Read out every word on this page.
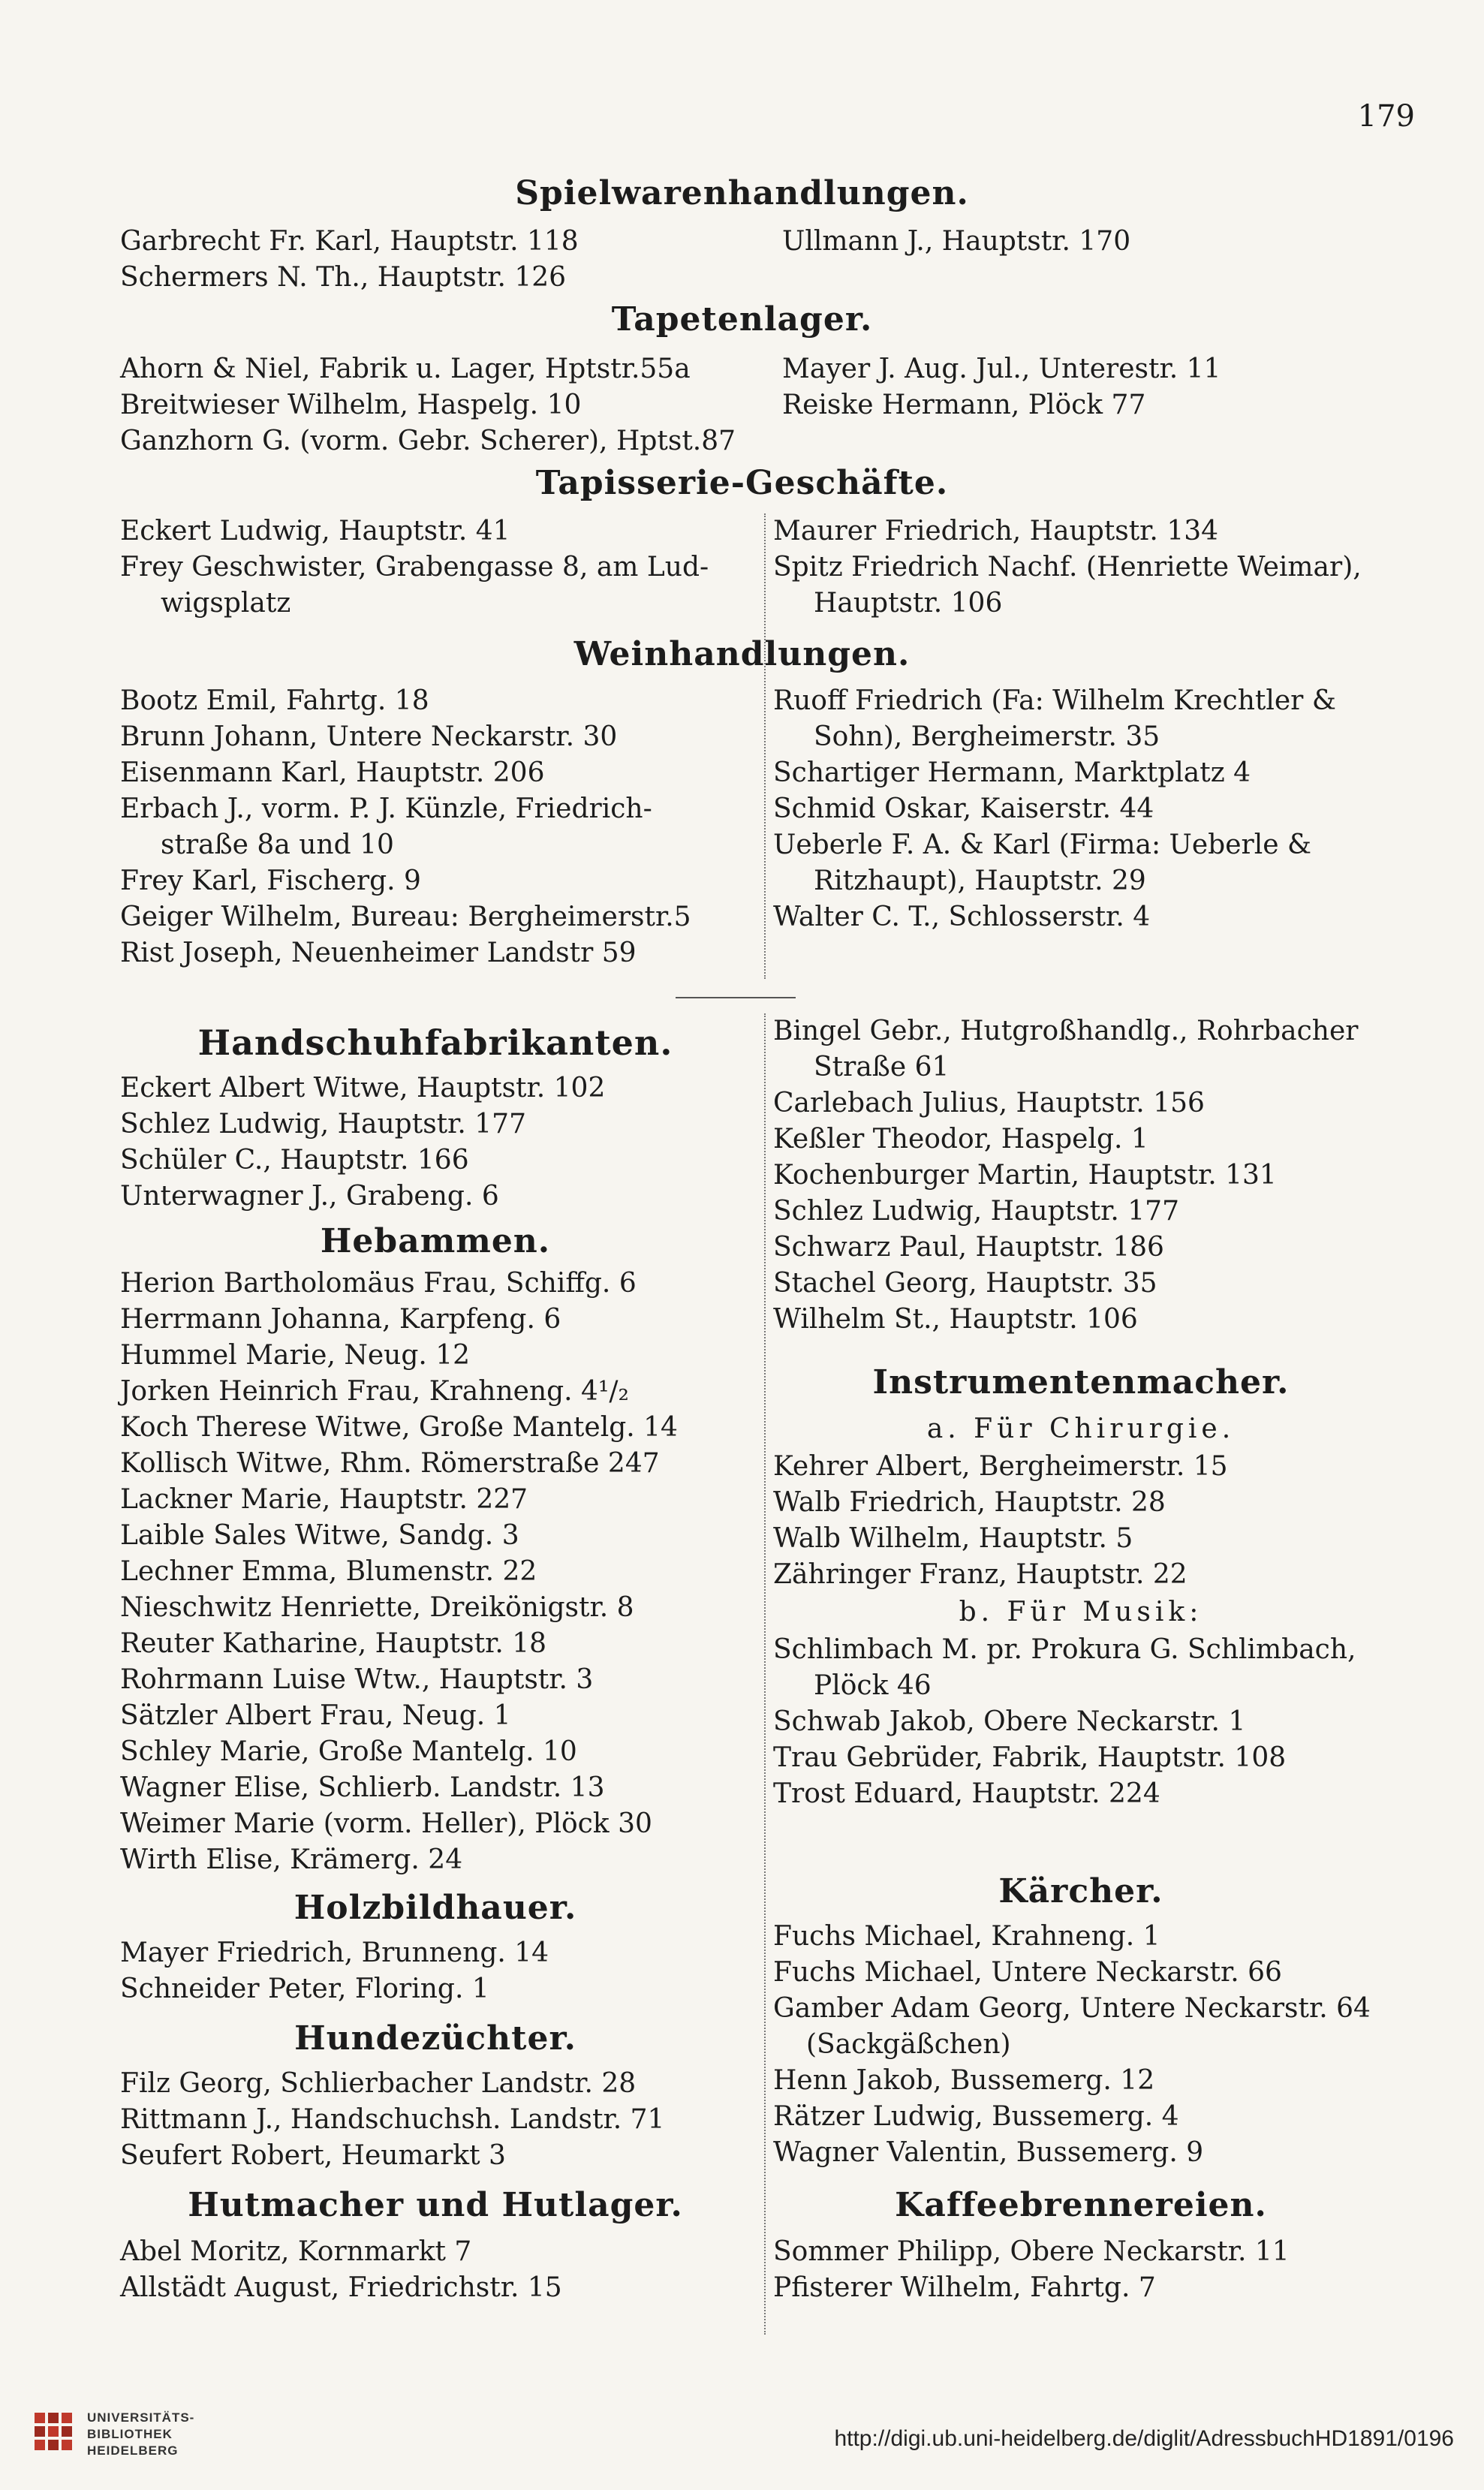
179
Spielwarenhandlungen.
Garbrecht Fr. Karl, Hauptstr. 118
Schermers N. Th., Hauptstr. 126
Ullmann J., Hauptstr. 170
Tapetenlager.
Ahorn & Niel, Fabrik u. Lager, Hptstr.55a
Breitwieser Wilhelm, Haspelg. 10
Ganzhorn G. (vorm. Gebr. Scherer), Hptst.87
Mayer J. Aug. Jul., Unterestr. 11
Reiske Hermann, Plöck 77
Tapisserie-Geschäfte.
Eckert Ludwig, Hauptstr. 41
Frey Geschwister, Grabengasse 8, am Lud-
wigsplatz
Maurer Friedrich, Hauptstr. 134
Spitz Friedrich Nachf. (Henriette Weimar),
Hauptstr. 106
Weinhandlungen.
Bootz Emil, Fahrtg. 18
Brunn Johann, Untere Neckarstr. 30
Eisenmann Karl, Hauptstr. 206
Erbach J., vorm. P. J. Künzle, Friedrich-
straße 8a und 10
Frey Karl, Fischerg. 9
Geiger Wilhelm, Bureau: Bergheimerstr.5
Rist Joseph, Neuenheimer Landstr 59
Ruoff Friedrich (Fa: Wilhelm Krechtler &
Sohn), Bergheimerstr. 35
Schartiger Hermann, Marktplatz 4
Schmid Oskar, Kaiserstr. 44
Ueberle F. A. & Karl (Firma: Ueberle &
Ritzhaupt), Hauptstr. 29
Walter C. T., Schlosserstr. 4
Handschuhfabrikanten.
Eckert Albert Witwe, Hauptstr. 102
Schlez Ludwig, Hauptstr. 177
Schüler C., Hauptstr. 166
Unterwagner J., Grabeng. 6
Hebammen.
Herion Bartholomäus Frau, Schiffg. 6
Herrmann Johanna, Karpfeng. 6
Hummel Marie, Neug. 12
Jorken Heinrich Frau, Krahneng. 4¹/₂
Koch Therese Witwe, Große Mantelg. 14
Kollisch Witwe, Rhm. Römerstraße 247
Lackner Marie, Hauptstr. 227
Laible Sales Witwe, Sandg. 3
Lechner Emma, Blumenstr. 22
Nieschwitz Henriette, Dreikönigstr. 8
Reuter Katharine, Hauptstr. 18
Rohrmann Luise Wtw., Hauptstr. 3
Sätzler Albert Frau, Neug. 1
Schley Marie, Große Mantelg. 10
Wagner Elise, Schlierb. Landstr. 13
Weimer Marie (vorm. Heller), Plöck 30
Wirth Elise, Krämerg. 24
Holzbildhauer.
Mayer Friedrich, Brunneng. 14
Schneider Peter, Floring. 1
Hundezüchter.
Filz Georg, Schlierbacher Landstr. 28
Rittmann J., Handschuchsh. Landstr. 71
Seufert Robert, Heumarkt 3
Hutmacher und Hutlager.
Abel Moritz, Kornmarkt 7
Allstädt August, Friedrichstr. 15
Bingel Gebr., Hutgroßhandlg., Rohrbacher
Straße 61
Carlebach Julius, Hauptstr. 156
Keßler Theodor, Haspelg. 1
Kochenburger Martin, Hauptstr. 131
Schlez Ludwig, Hauptstr. 177
Schwarz Paul, Hauptstr. 186
Stachel Georg, Hauptstr. 35
Wilhelm St., Hauptstr. 106
Instrumentenmacher.
a. Für Chirurgie.
Kehrer Albert, Bergheimerstr. 15
Walb Friedrich, Hauptstr. 28
Walb Wilhelm, Hauptstr. 5
Zähringer Franz, Hauptstr. 22
b. Für Musik:
Schlimbach M. pr. Prokura G. Schlimbach,
Plöck 46
Schwab Jakob, Obere Neckarstr. 1
Trau Gebrüder, Fabrik, Hauptstr. 108
Trost Eduard, Hauptstr. 224
Kärcher.
Fuchs Michael, Krahneng. 1
Fuchs Michael, Untere Neckarstr. 66
Gamber Adam Georg, Untere Neckarstr. 64
(Sackgäßchen)
Henn Jakob, Bussemerg. 12
Rätzer Ludwig, Bussemerg. 4
Wagner Valentin, Bussemerg. 9
Kaffeebrennereien.
Sommer Philipp, Obere Neckarstr. 11
Pfisterer Wilhelm, Fahrtg. 7
UNIVERSITÄTS-
BIBLIOTHEK
HEIDELBERG	http://digi.ub.uni-heidelberg.de/diglit/AdressbuchHD1891/0196
